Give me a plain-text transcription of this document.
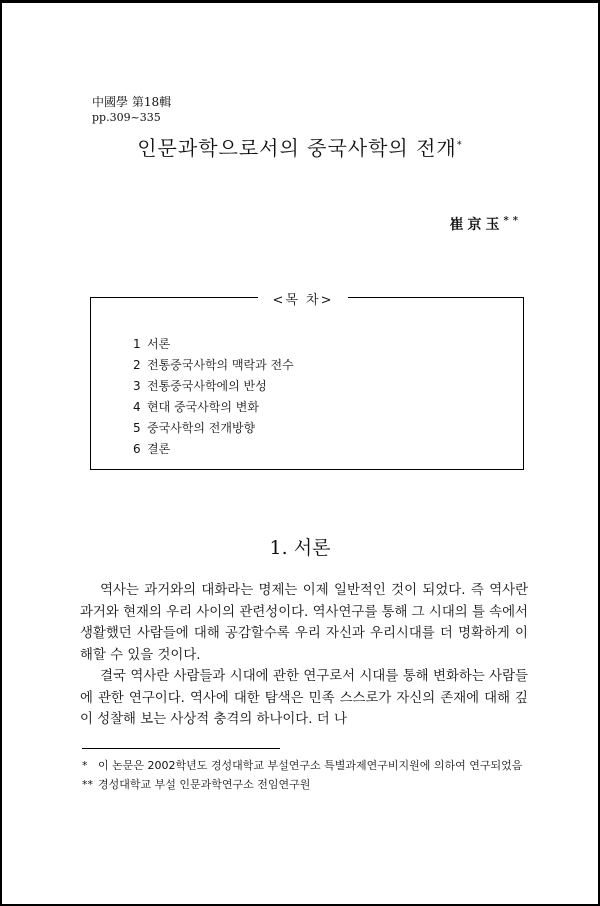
中國學 第18輯
pp.309~335
인문과학으로서의 중국사학의 전개*
崔京玉**
<목 차>
1 서론
2 전통중국사학의 맥락과 전수
3 전통중국사학에의 반성
4 현대 중국사학의 변화
5 중국사학의 전개방향
6 결론
1. 서론

역사는 과거와의 대화라는 명제는 이제 일반적인 것이 되었다. 즉 역사란 과거와 현재의 우리 사이의 관련성이다. 역사연구를 통해 그 시대의 틀 속에서 생활했던 사람들에 대해 공감할수록 우리 자신과 우리시대를 더 명확하게 이해할 수 있을 것이다.

결국 역사란 사람들과 시대에 관한 연구로서 시대를 통해 변화하는 사람들에 관한 연구이다. 역사에 대한 탐색은 민족 스스로가 자신의 존재에 대해 깊이 성찰해 보는 사상적 충격의 하나이다. 더 나

* 이 논문은 2002학년도 경성대학교 부설연구소 특별과제연구비지원에 의하여 연구되었음

** 경성대학교 부설 인문과학연구소 전임연구원
